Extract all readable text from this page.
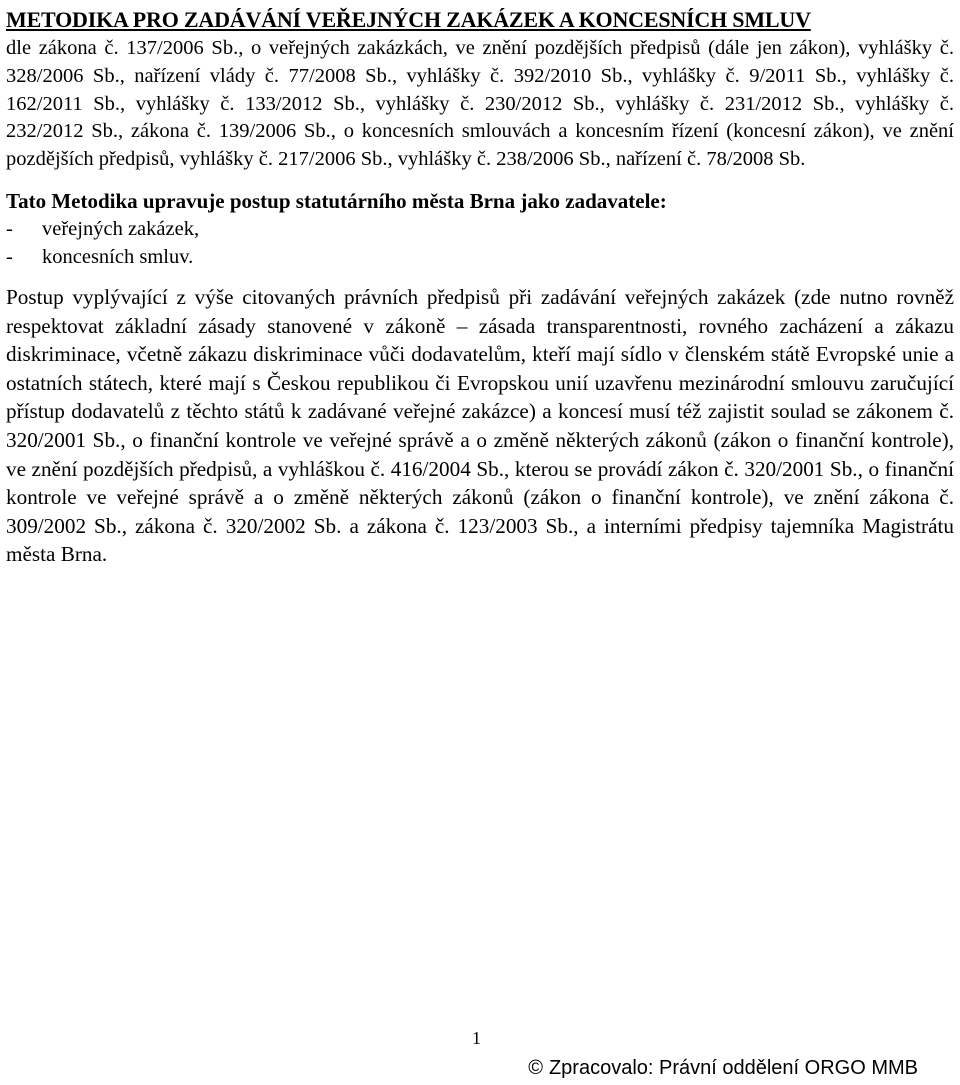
METODIKA PRO ZADÁVÁNÍ VEŘEJNÝCH ZAKÁZEK A KONCESNÍCH SMLUV

dle zákona č. 137/2006 Sb., o veřejných zakázkách, ve znění pozdějších předpisů (dále jen zákon), vyhlášky č. 328/2006 Sb., nařízení vlády č. 77/2008 Sb., vyhlášky č. 392/2010 Sb., vyhlášky č. 9/2011 Sb., vyhlášky č. 162/2011 Sb., vyhlášky č. 133/2012 Sb., vyhlášky č. 230/2012 Sb., vyhlášky č. 231/2012 Sb., vyhlášky č. 232/2012 Sb., zákona č. 139/2006 Sb., o koncesních smlouvách a koncesním řízení (koncesní zákon), ve znění pozdějších předpisů, vyhlášky č. 217/2006 Sb., vyhlášky č. 238/2006 Sb., nařízení č. 78/2008 Sb.

Tato Metodika upravuje postup statutárního města Brna jako zadavatele:
-	veřejných zakázek,
-	koncesních smluv.

Postup vyplývající z výše citovaných právních předpisů při zadávání veřejných zakázek (zde nutno rovněž respektovat základní zásady stanovené v zákoně – zásada transparentnosti, rovného zacházení a zákazu diskriminace, včetně zákazu diskriminace vůči dodavatelům, kteří mají sídlo v členském státě Evropské unie a ostatních státech, které mají s Českou republikou či Evropskou unií uzavřenu mezinárodní smlouvu zaručující přístup dodavatelů z těchto států k zadávané veřejné zakázce) a koncesí musí též zajistit soulad se zákonem č. 320/2001 Sb., o finanční kontrole ve veřejné správě a o změně některých zákonů (zákon o finanční kontrole), ve znění pozdějších předpisů, a vyhláškou č. 416/2004 Sb., kterou se provádí zákon č. 320/2001 Sb., o finanční kontrole ve veřejné správě a o změně některých zákonů (zákon o finanční kontrole), ve znění zákona č. 309/2002 Sb., zákona č. 320/2002 Sb. a zákona č. 123/2003 Sb., a interními předpisy tajemníka Magistrátu města Brna.

1
© Zpracovalo: Právní oddělení ORGO MMB
